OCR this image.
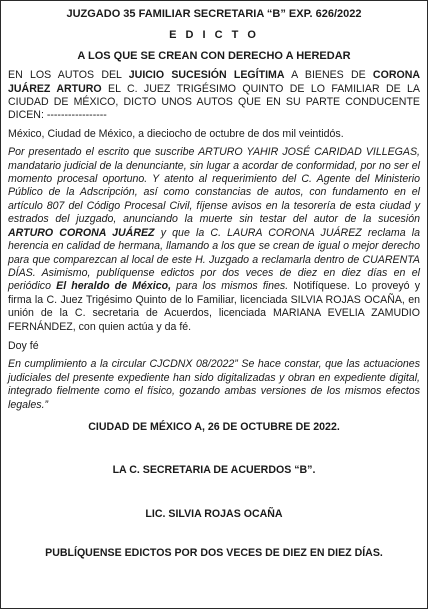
JUZGADO 35 FAMILIAR SECRETARIA “B” EXP. 626/2022
E D I C T O
A LOS QUE SE CREAN CON DERECHO A HEREDAR

EN LOS AUTOS DEL JUICIO SUCESIÓN LEGÍTIMA A BIENES DE CORONA JUÁREZ ARTURO EL C. JUEZ TRIGÉSIMO QUINTO DE LO FAMILIAR DE LA CIUDAD DE MÉXICO, DICTO UNOS AUTOS QUE EN SU PARTE CONDUCENTE DICEN: -----------------

México, Ciudad de México, a dieciocho de octubre de dos mil veintidós.

Por presentado el escrito que suscribe ARTURO YAHIR JOSÉ CARIDAD VILLEGAS, mandatario judicial de la denunciante, sin lugar a acordar de conformidad, por no ser el momento procesal oportuno. Y atento al requerimiento del C. Agente del Ministerio Público de la Adscripción, así como constancias de autos, con fundamento en el artículo 807 del Código Procesal Civil, fíjense avisos en la tesorería de esta ciudad y estrados del juzgado, anunciando la muerte sin testar del autor de la sucesión ARTURO CORONA JUÁREZ y que la C. LAURA CORONA JUÁREZ reclama la herencia en calidad de hermana, llamando a los que se crean de igual o mejor derecho para que comparezcan al local de este H. Juzgado a reclamarla dentro de CUARENTA DÍAS. Asimismo, publíquense edictos por dos veces de diez en diez días en el periódico El heraldo de México, para los mismos fines. Notifíquese. Lo proveyó y firma la C. Juez Trigésimo Quinto de lo Familiar, licenciada SILVIA ROJAS OCAÑA, en unión de la C. secretaria de Acuerdos, licenciada MARIANA EVELIA ZAMUDIO FERNÁNDEZ, con quien actúa y da fé.

Doy fé

En cumplimiento a la circular CJCDNX 08/2022” Se hace constar, que las actuaciones judiciales del presente expediente han sido digitalizadas y obran en expediente digital, integrado fielmente como el físico, gozando ambas versiones de los mismos efectos legales.”

CIUDAD DE MÉXICO A, 26 DE OCTUBRE DE 2022.
LA C. SECRETARIA DE ACUERDOS “B”.
LIC. SILVIA ROJAS OCAÑA
PUBLÍQUENSE EDICTOS POR DOS VECES DE DIEZ EN DIEZ DÍAS.
